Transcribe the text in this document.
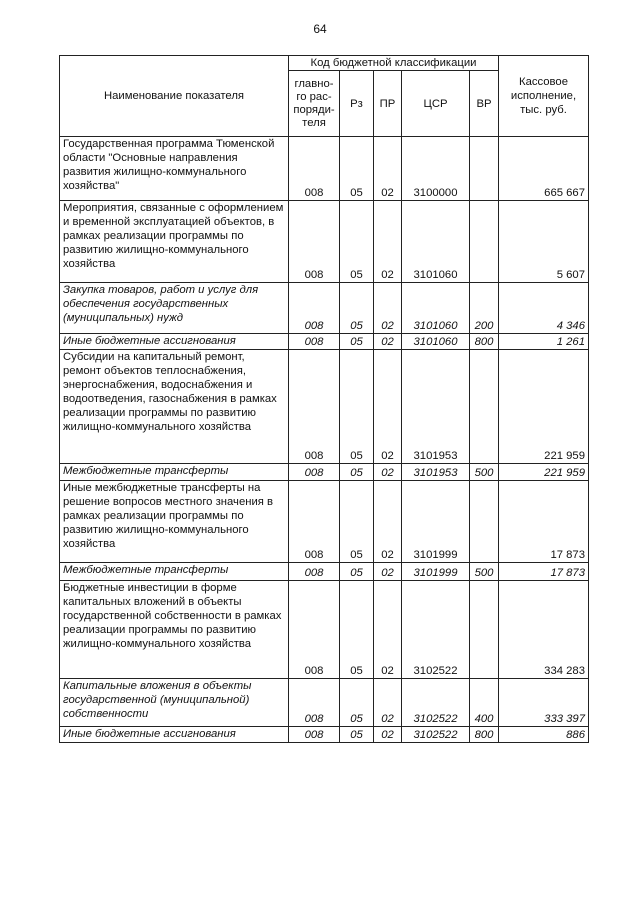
64
Наименование показателя	Код бюджетной классификации					Кассовое исполнение, тыс. руб.
	главно-го рас-поряди-теля	Рз	ПР	ЦСР	ВР	
Государственная программа Тюменской области "Основные направления развития жилищно-коммунального хозяйства"	008	05	02	3100000		665 667
Мероприятия, связанные с оформлением и временной эксплуатацией объектов, в рамках реализации программы по развитию жилищно-коммунального хозяйства	008	05	02	3101060		5 607
Закупка товаров, работ и услуг для обеспечения государственных (муниципальных) нужд	008	05	02	3101060	200	4 346
Иные бюджетные ассигнования	008	05	02	3101060	800	1 261
Субсидии на капитальный ремонт, ремонт объектов теплоснабжения, энергоснабжения, водоснабжения и водоотведения, газоснабжения в рамках реализации программы по развитию жилищно-коммунального хозяйства	008	05	02	3101953		221 959
Межбюджетные трансферты	008	05	02	3101953	500	221 959
Иные межбюджетные трансферты на решение вопросов местного значения в рамках реализации программы по развитию жилищно-коммунального хозяйства	008	05	02	3101999		17 873
Межбюджетные трансферты	008	05	02	3101999	500	17 873
Бюджетные инвестиции в форме капитальных вложений в объекты государственной собственности в рамках реализации программы по развитию жилищно-коммунального хозяйства	008	05	02	3102522		334 283
Капитальные вложения в объекты государственной (муниципальной) собственности	008	05	02	3102522	400	333 397
Иные бюджетные ассигнования	008	05	02	3102522	800	886
